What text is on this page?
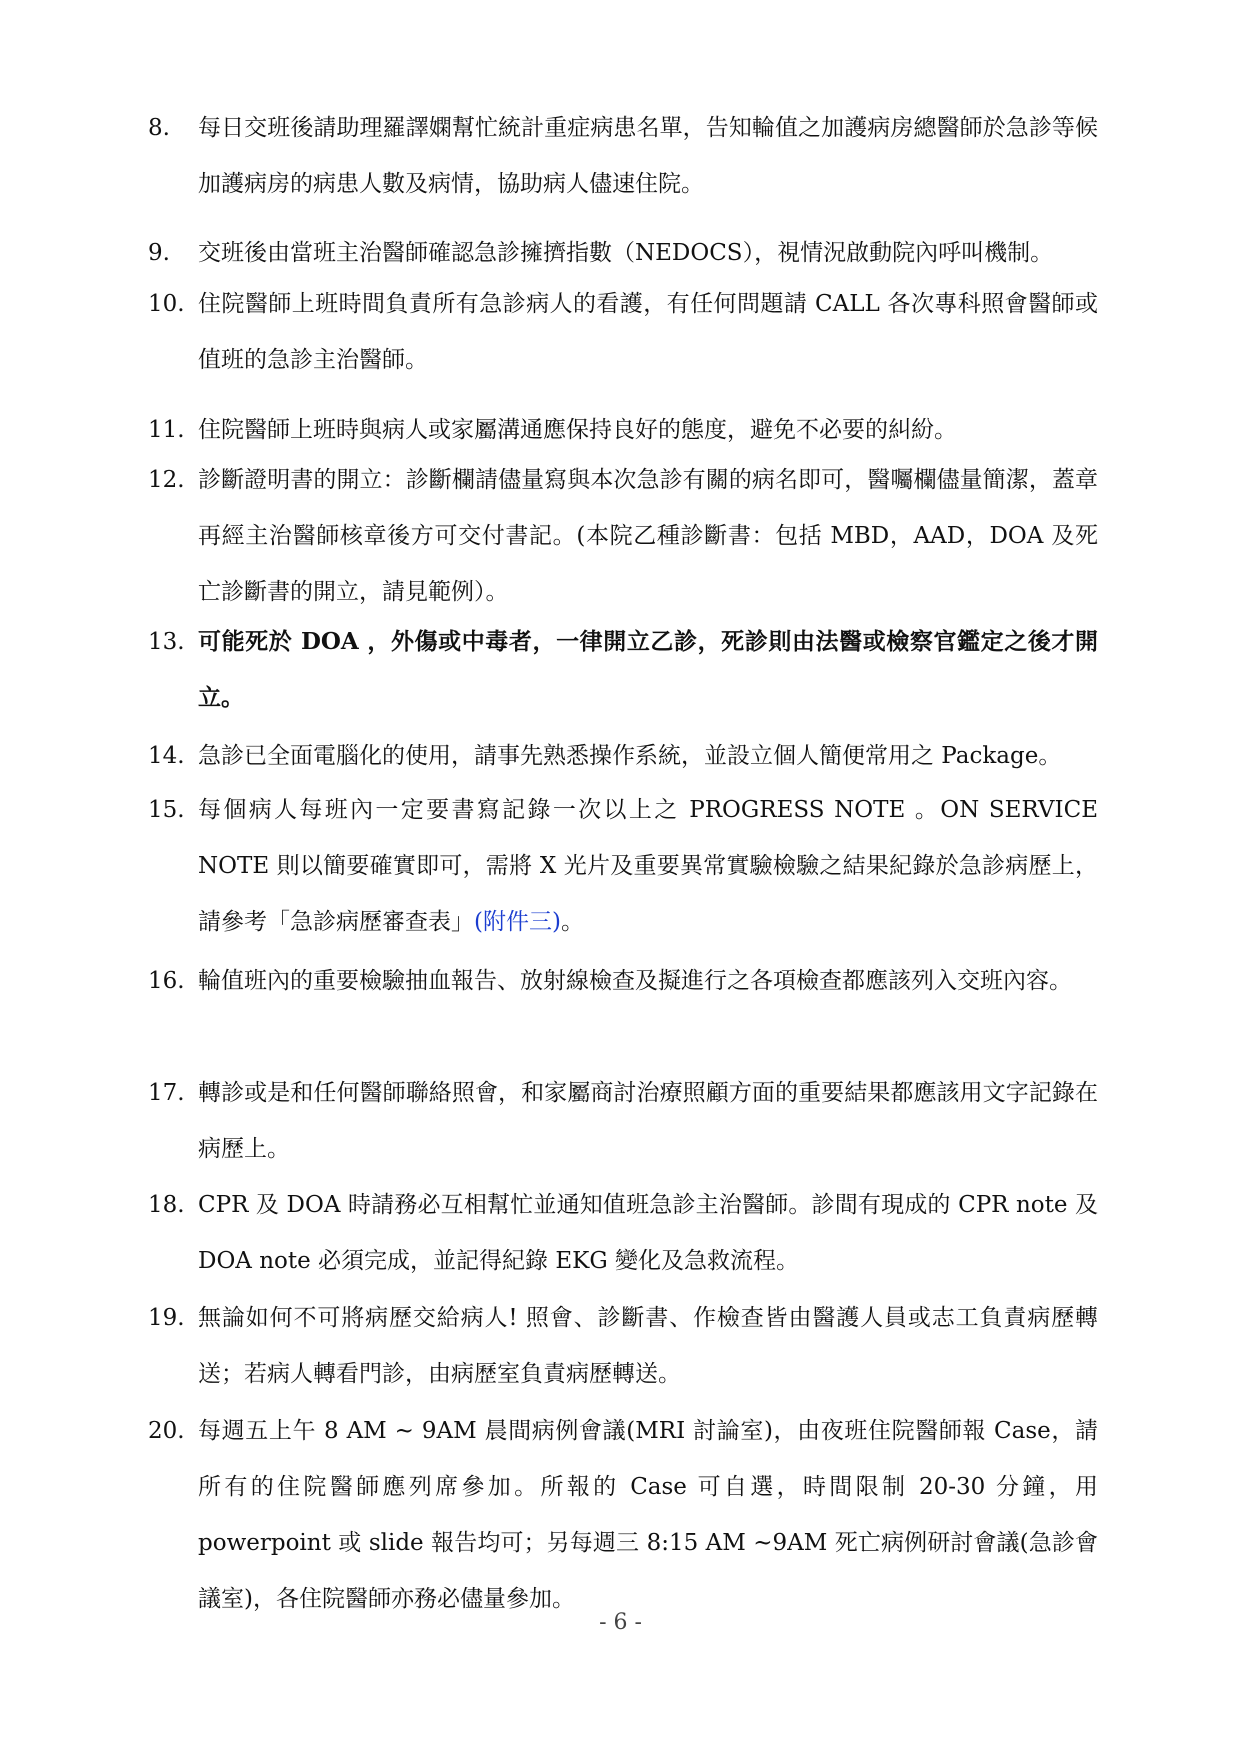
8.	每日交班後請助理羅譯嫻幫忙統計重症病患名單，告知輪值之加護病房總醫師於急診等候加護病房的病患人數及病情，協助病人儘速住院。
9.	交班後由當班主治醫師確認急診擁擠指數（NEDOCS），視情況啟動院內呼叫機制。
10. 住院醫師上班時間負責所有急診病人的看護，有任何問題請 CALL 各次專科照會醫師或值班的急診主治醫師。
11. 住院醫師上班時與病人或家屬溝通應保持良好的態度，避免不必要的糾紛。
12. 診斷證明書的開立：診斷欄請儘量寫與本次急診有關的病名即可，醫囑欄儘量簡潔，蓋章再經主治醫師核章後方可交付書記。(本院乙種診斷書：包括 MBD，AAD，DOA 及死亡診斷書的開立，請見範例）。
13. 可能死於 DOA ，外傷或中毒者，一律開立乙診，死診則由法醫或檢察官鑑定之後才開立。
14. 急診已全面電腦化的使用，請事先熟悉操作系統，並設立個人簡便常用之 Package。
15. 每個病人每班內一定要書寫記錄一次以上之 PROGRESS NOTE 。ON SERVICE NOTE 則以簡要確實即可，需將 X 光片及重要異常實驗檢驗之結果紀錄於急診病歷上，請參考「急診病歷審查表」(附件三)。
16. 輪值班內的重要檢驗抽血報告、放射線檢查及擬進行之各項檢查都應該列入交班內容。
17. 轉診或是和任何醫師聯絡照會，和家屬商討治療照顧方面的重要結果都應該用文字記錄在病歷上。
18. CPR 及 DOA 時請務必互相幫忙並通知值班急診主治醫師。診間有現成的 CPR note 及 DOA note 必須完成，並記得紀錄 EKG 變化及急救流程。
19. 無論如何不可將病歷交給病人! 照會、診斷書、作檢查皆由醫護人員或志工負責病歷轉送；若病人轉看門診，由病歷室負責病歷轉送。
20. 每週五上午 8 AM ~ 9AM 晨間病例會議(MRI 討論室)，由夜班住院醫師報 Case，請所有的住院醫師應列席參加。所報的 Case 可自選，時間限制 20-30 分鐘，用 powerpoint 或 slide 報告均可；另每週三 8:15 AM ~9AM 死亡病例研討會議(急診會議室)，各住院醫師亦務必儘量參加。
- 6 -
